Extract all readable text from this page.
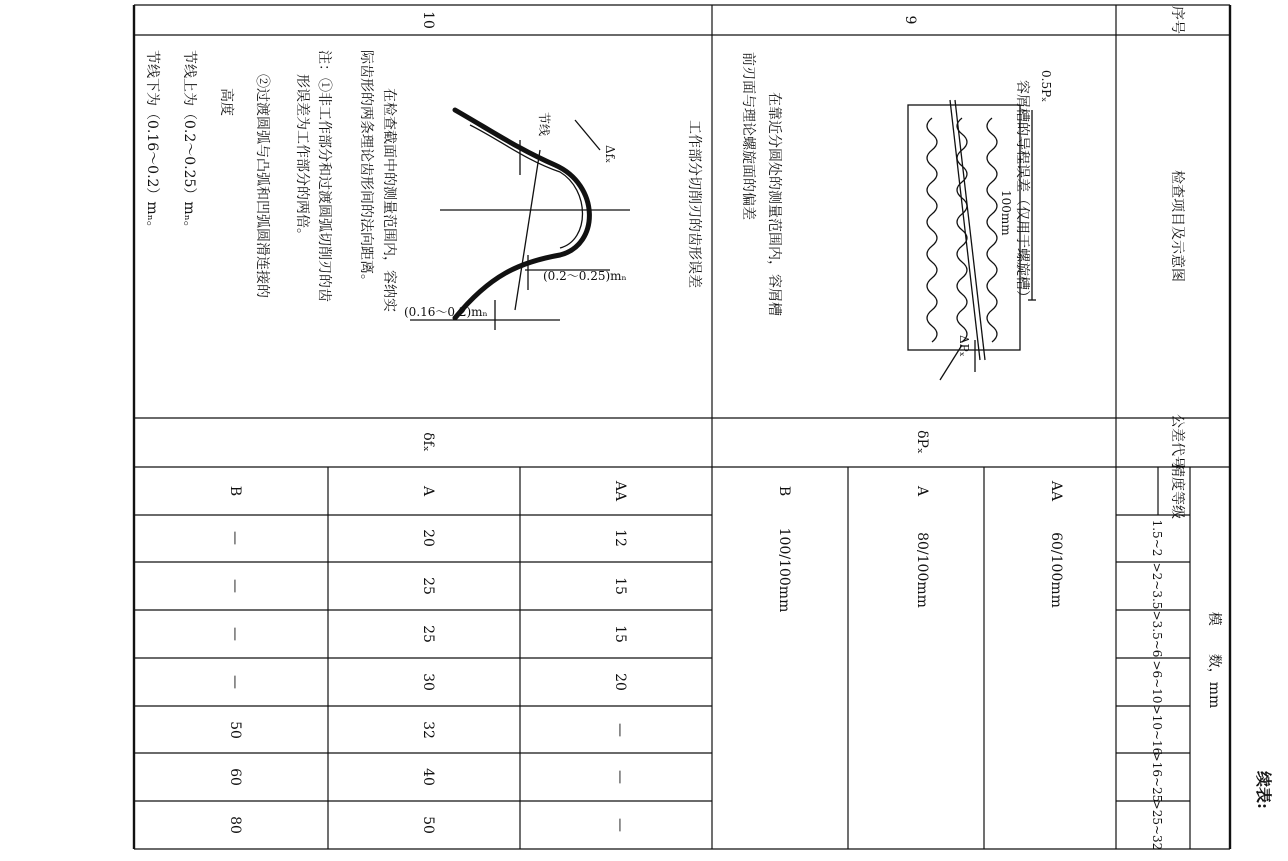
续表:
序号
检查项目及示意图
公差代号
精度等级
模　　数，mm
1.5~2
>2~3.5
>3.5~6
>6~10
>10~16
>16~25
>25~32
9
容屑槽的导程误差（仅用于螺旋槽） 0.5Pₓ
100mm
ΔPₓ
在靠近分圆处的测量范围内，容屑槽
前刃面与理论螺旋面的偏差
δPₓ
AA
A
B
60/100mm
80/100mm
100/100mm
10
工作部分切削刃的齿形误差
节线
Δfₓ
(0.2～0.25)mₙ
(0.16～0.2)mₙ
在检查截面中的测量范围内，容纳实
际齿形的两条理论齿形间的法向距离。
注：①非工作部分和过渡圆弧切削刃的齿
形误差为工作部分的两倍。
②过渡圆弧与凸弧和凹弧圆滑连接的
高度
节线上为（0.2～0.25）mₙ。
节线下为（0.16～0.2）mₙ。
δfₓ
AA
12
15
15
20
—
—
—
A
20
25
25
30
32
40
50
B
—
—
—
—
50
60
80
